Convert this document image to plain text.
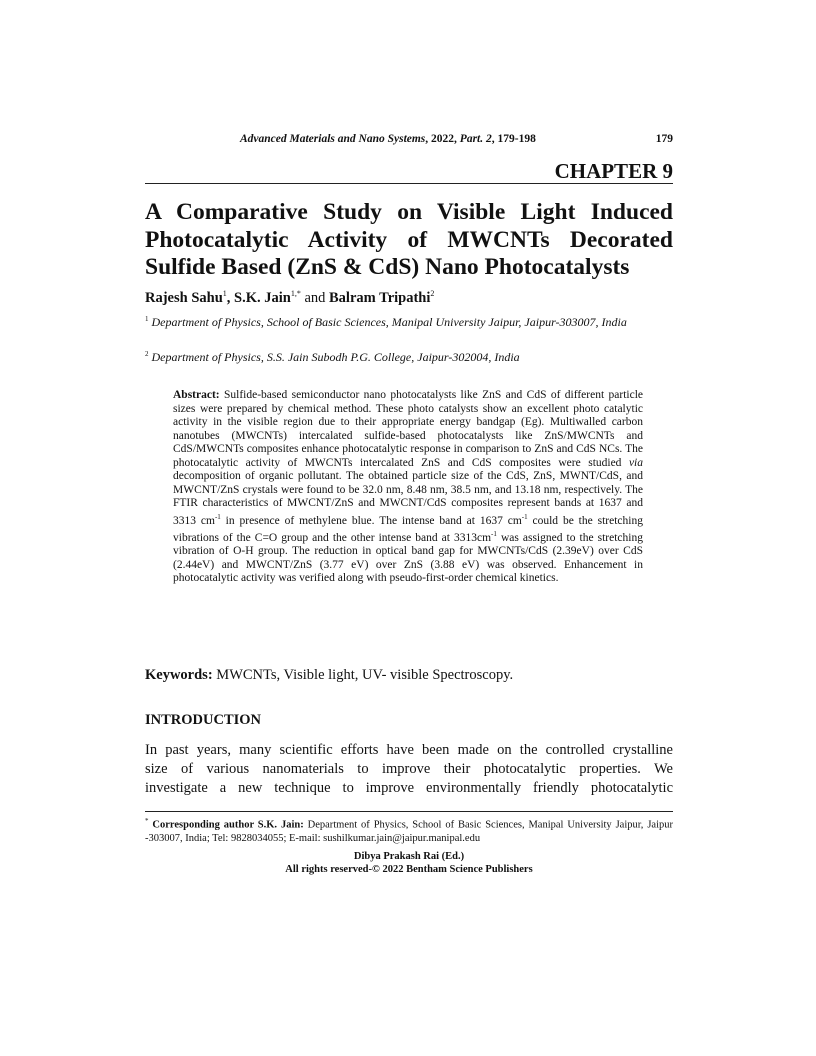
Advanced Materials and Nano Systems, 2022, Part. 2, 179-198	179
CHAPTER 9
A Comparative Study on Visible Light Induced
Photocatalytic Activity of MWCNTs Decorated
Sulfide Based (ZnS & CdS) Nano Photocatalysts
Rajesh Sahu$^1$, S.K. Jain$^{1,*}$ and Balram Tripathi$^2$
$^1$ Department of Physics, School of Basic Sciences, Manipal University Jaipur, Jaipur-303007, India
$^2$ Department of Physics, S.S. Jain Subodh P.G. College, Jaipur-302004, India
Abstract: Sulfide-based semiconductor nano photocatalysts like ZnS and CdS of different particle sizes were prepared by chemical method. These photo catalysts show an excellent photo catalytic activity in the visible region due to their appropriate energy bandgap (Eg). Multiwalled carbon nanotubes (MWCNTs) intercalated sulfide-based photocatalysts like ZnS/MWCNTs and CdS/MWCNTs composites enhance photocatalytic response in comparison to ZnS and CdS NCs. The photocatalytic activity of MWCNTs intercalated ZnS and CdS composites were studied via decomposition of organic pollutant. The obtained particle size of the CdS, ZnS, MWNT/CdS, and MWCNT/ZnS crystals were found to be 32.0 nm, 8.48 nm, 38.5 nm, and 13.18 nm, respectively. The FTIR characteristics of MWCNT/ZnS and MWCNT/CdS composites represent bands at 1637 and 3313 $cm^{-1}$ in presence of methylene blue. The intense band at 1637 $cm^{-1}$ could be the stretching vibrations of the C=O group and the other intense band at $3313cm^{-1}$ was assigned to the stretching vibration of O-H group. The reduction in optical band gap for MWCNTs/CdS (2.39eV) over CdS (2.44eV) and MWCNT/ZnS (3.77 eV) over ZnS (3.88 eV) was observed. Enhancement in photocatalytic activity was verified along with pseudo-first-order chemical kinetics.
Keywords: MWCNTs, Visible light, UV- visible Spectroscopy.
INTRODUCTION
In past years, many scientific efforts have been made on the controlled crystalline
size of various nanomaterials to improve their photocatalytic properties. We
investigate a new technique to improve environmentally friendly photocatalytic
* Corresponding author S.K. Jain: Department of Physics, School of Basic Sciences, Manipal University Jaipur, Jaipur -303007, India; Tel: 9828034055; E-mail: sushilkumar.jain@jaipur.manipal.edu
Dibya Prakash Rai (Ed.)
All rights reserved-© 2022 Bentham Science Publishers
